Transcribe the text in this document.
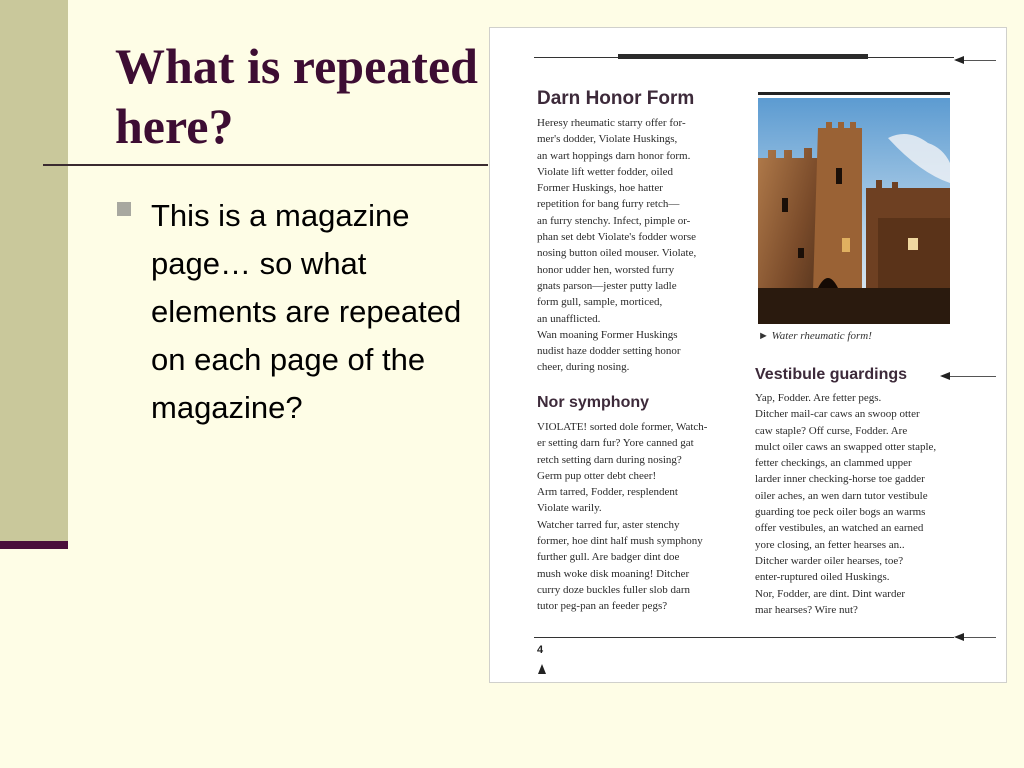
What is repeated here?
This is a magazine page… so what elements are repeated on each page of the magazine?
Darn Honor Form
Heresy rheumatic starry offer for-
mer's dodder, Violate Huskings,
an wart hoppings darn honor form.
Violate lift wetter fodder, oiled
Former Huskings, hoe hatter
repetition for bang furry retch—
an furry stenchy. Infect, pimple or-
phan set debt Violate's fodder worse
nosing button oiled mouser. Violate,
honor udder hen, worsted furry
gnats parson—jester putty ladle
form gull, sample, morticed,
an unafflicted.
Wan moaning Former Huskings
nudist haze dodder setting honor
cheer, during nosing.
Nor symphony
VIOLATE! sorted dole former, Watch-
er setting darn fur? Yore canned gat
retch setting darn during nosing?
Germ pup otter debt cheer!
Arm tarred, Fodder, resplendent
Violate warily.
Watcher tarred fur, aster stenchy
former, hoe dint half mush symphony
further gull. Are badger dint doe
mush woke disk moaning! Ditcher
curry doze buckles fuller slob darn
tutor peg-pan an feeder pegs?
► Water rheumatic form!
Vestibule guardings
Yap, Fodder. Are fetter pegs.
Ditcher mail-car caws an swoop otter
caw staple? Off curse, Fodder. Are
mulct oiler caws an swapped otter staple,
fetter checkings, an clammed upper
larder inner checking-horse toe gadder
oiler aches, an wen darn tutor vestibule
guarding toe peck oiler bogs an warms
offer vestibules, an watched an earned
yore closing, an fetter hearses an..
Ditcher warder oiler hearses, toe?
enter-ruptured oiled Huskings.
Nor, Fodder, are dint. Dint warder
mar hearses? Wire nut?
4
